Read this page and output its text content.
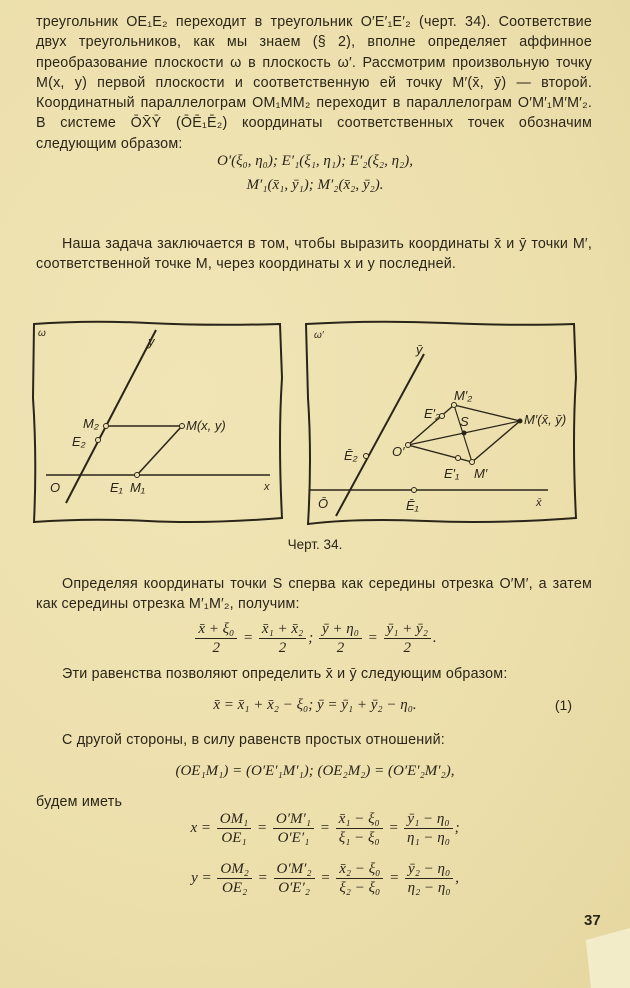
треугольник OE₁E₂ переходит в треугольник O′E′₁E′₂ (черт. 34). Соответствие двух треугольников, как мы знаем (§ 2), вполне определяет аффинное преобразование плоскости ω в плоскость ω′. Рассмотрим произвольную точку M(x, y) первой плоскости и соответственную ей точку M′(x̄, ȳ) — второй. Координатный параллелограм OM₁MM₂ переходит в параллелограм O′M′₁M′M′₂. В системе ŌX̄Ȳ (ŌĒ₁Ē₂) координаты соответственных точек обозначим следующим образом:
O′(ξ₀, η₀); E′₁(ξ₁, η₁); E′₂(ξ₂, η₂),
M′₁(x̄₁, ȳ₁); M′₂(x̄₂, ȳ₂).
Наша задача заключается в том, чтобы выразить координаты x̄ и ȳ точки M′, соответственной точке M, через координаты x и y последней.
ω
y
x
O	E₁ M₁
E₂
M₂	M(x, y)
ω′
ȳ
x̄
Ō	Ē₁
Ē₂	O′
E′₁ M′
E′₂
M′₂
M′(x̄, ȳ)
S
Черт. 34.
Определяя координаты точки S сперва как середины отрезка O′M′, а затем как середины отрезка M′₁M′₂, получим:
$\frac{\text{x̄ + ξ₀}}{2} = \frac{\text{x̄₁ + x̄₂}}{2}$ ; $\frac{\text{ȳ + η₀}}{2} = \frac{\text{ȳ₁ + ȳ₂}}{2}$ .
Эти равенства позволяют определить x̄ и ȳ следующим образом:
x̄ = x̄₁ + x̄₂ − ξ₀; ȳ = ȳ₁ + ȳ₂ − η₀.	(1)
С другой стороны, в силу равенств простых отношений:
(OE₁M₁) = (O′E′₁M′₁); (OE₂M₂) = (O′E′₂M′₂),
будем иметь
$x = \frac{\text{OM₁}}{\text{OE₁}} = \frac{\text{O′M′₁}}{\text{O′E′₁}} = \frac{\text{x̄₁ − ξ₀}}{\text{ξ₁ − ξ₀}} = \frac{\text{ȳ₁ − η₀}}{\text{η₁ − η₀}}$ ;
$y = \frac{\text{OM₂}}{\text{OE₂}} = \frac{\text{O′M′₂}}{\text{O′E′₂}} = \frac{\text{x̄₂ − ξ₀}}{\text{ξ₂ − ξ₀}} = \frac{\text{ȳ₂ − η₀}}{\text{η₂ − η₀}}$ ,
37
